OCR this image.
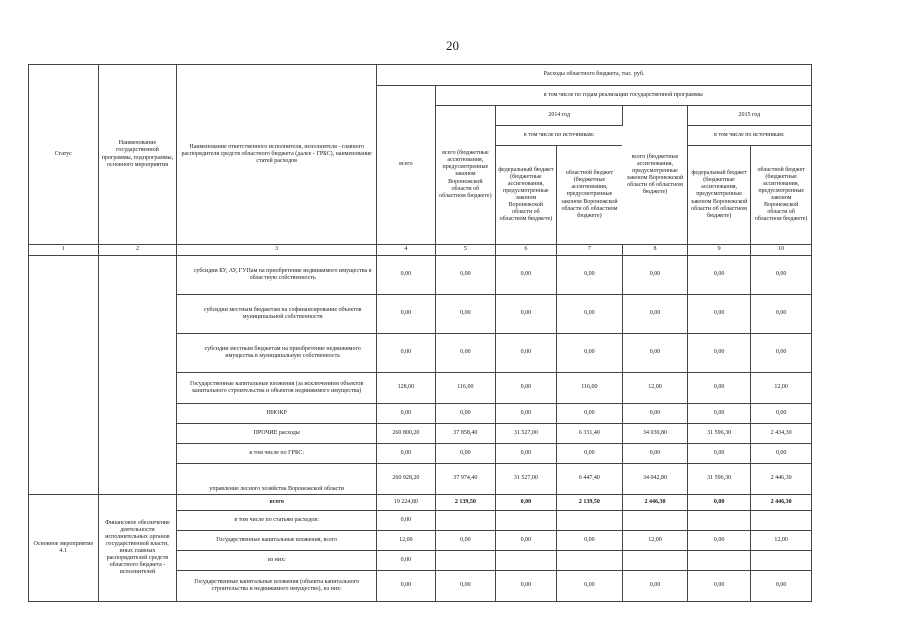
20
Статус	Наименование государственной программы, подпрограммы, основного мероприятия	Наименование ответственного исполнителя, исполнителя - главного распорядителя средств областного бюджета (далее - ГРБС), наименование статей расходов	Расходы областного бюджета, тыс. руб.						
			всего	в том числе по годам реализации государственной программы					
				всего (бюджетные ассигнования, предусмотренные законом Воронежской области об областном бюджете)	2014 год		всего (бюджетные ассигнования, предусмотренные законом Воронежской области об областном бюджете)	2015 год	
					в том числе по источникам:			в том числе по источникам:	
					федеральный бюджет (бюджетные ассигнования, предусмотренные законом Воронежской области об областном бюджете)	областной бюджет (бюджетные ассигнования, предусмотренные законом Воронежской области об областном бюджете)		федеральный бюджет (бюджетные ассигнования, предусмотренные законом Воронежской области об областном бюджете)	областной бюджет (бюджетные ассигнования, предусмотренные законом Воронежской области об областном бюджете)
1	2	3	4	5	6	7	8	9	10
		субсидии БУ, АУ, ГУПам на приобретение недвижимого имущества в областную собственность	0,00	0,00	0,00	0,00	0,00	0,00	0,00
		субсидии местным бюджетам на софинансирование объектов муниципальной собственности	0,00	0,00	0,00	0,00	0,00	0,00	0,00
		субсидии местным бюджетам на приобретение недвижимого имущества в муниципальную собственность	0,00	0,00	0,00	0,00	0,00	0,00	0,00
		Государственные капитальные вложения (за исключением объектов капитального строительства и объектов недвижимого имущества)	128,00	116,00	0,00	116,00	12,00	0,00	12,00
		НИОКР	0,00	0,00	0,00	0,00	0,00	0,00	0,00
		ПРОЧИЕ расходы	260 800,20	37 858,40	31 527,00	6 331,40	34 030,80	31 596,30	2 434,30
		в том числе по ГРБС:	0,00	0,00	0,00	0,00	0,00	0,00	0,00
		управление лесного хозяйства Воронежской области	260 928,20	37 974,40	31 527,00	6 447,40	34 042,80	31 596,30	2 446,30
Основное мероприятие 4.1	Финансовое обеспечение деятельности исполнительных органов государственной власти, иных главных распорядителей средств областного бюджета - исполнителей	всего	19 224,80	2 139,50	0,00	2 139,50	2 446,30	0,00	2 446,30
		в том числе по статьям расходов:	0,00						
		Государственные капитальные вложения, всего	12,00	0,00	0,00	0,00	12,00	0,00	12,00
		из них:	0,00						
		Государственные капитальные вложения (объекты капитального строительства и недвижимого имущество), из них:	0,00	0,00	0,00	0,00	0,00	0,00	0,00
